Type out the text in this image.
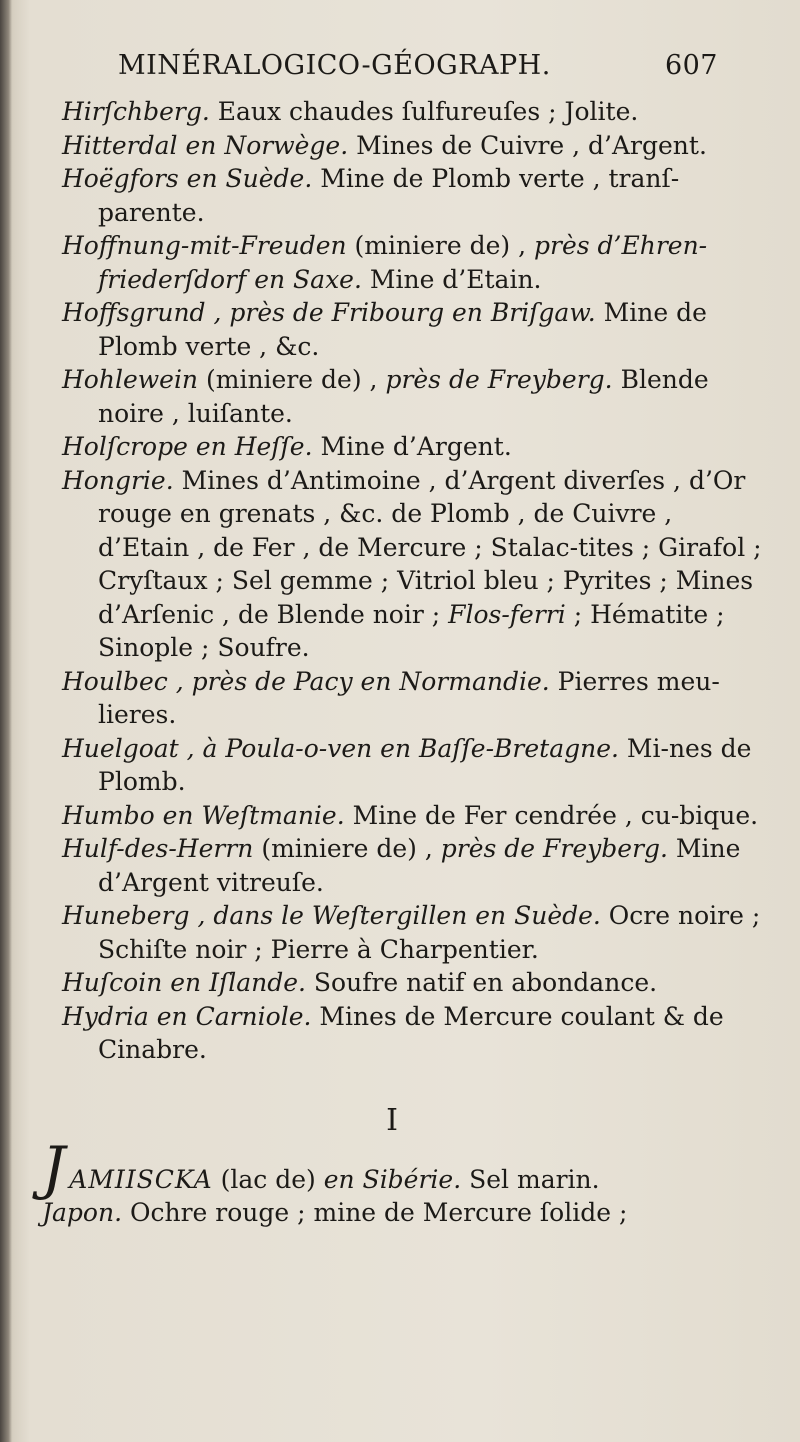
MINÉRALOGICO-GÉOGRAPH.	607

Hirſchberg. Eaux chaudes ſulfureuſes ; Jolite.

Hitterdal en Norwège. Mines de Cuivre , d’Argent.

Hoëgfors en Suède. Mine de Plomb verte , tranſ-parente.

Hoffnung-mit-Freuden (miniere de) , près d’Ehren-friederſdorf en Saxe. Mine d’Etain.

Hoffsgrund , près de Fribourg en Briſgaw. Mine de Plomb verte , &c.

Hohlewein (miniere de) , près de Freyberg. Blende noire , luiſante.

Holſcrope en Heſſe. Mine d’Argent.

Hongrie. Mines d’Antimoine , d’Argent diverſes , d’Or rouge en grenats , &c. de Plomb , de Cuivre , d’Etain , de Fer , de Mercure ; Stalac-tites ; Girafol ; Cryſtaux ; Sel gemme ; Vitriol bleu ; Pyrites ; Mines d’Arſenic , de Blende noir ; Flos-ferri ; Hématite ; Sinople ; Soufre.

Houlbec , près de Pacy en Normandie. Pierres meu-lieres.

Huelgoat , à Poula-o-ven en Baſſe-Bretagne. Mi-nes de Plomb.

Humbo en Weſtmanie. Mine de Fer cendrée , cu-bique.

Hulf-des-Herrn (miniere de) , près de Freyberg. Mine d’Argent vitreuſe.

Huneberg , dans le Weſtergillen en Suède. Ocre noire ; Schiſte noir ; Pierre à Charpentier.

Huſcoin en Iſlande. Soufre natif en abondance.

Hydria en Carniole. Mines de Mercure coulant & de Cinabre.

I
J AMIISCKA (lac de) en Sibérie. Sel marin.

Japon. Ochre rouge ; mine de Mercure ſolide ;
